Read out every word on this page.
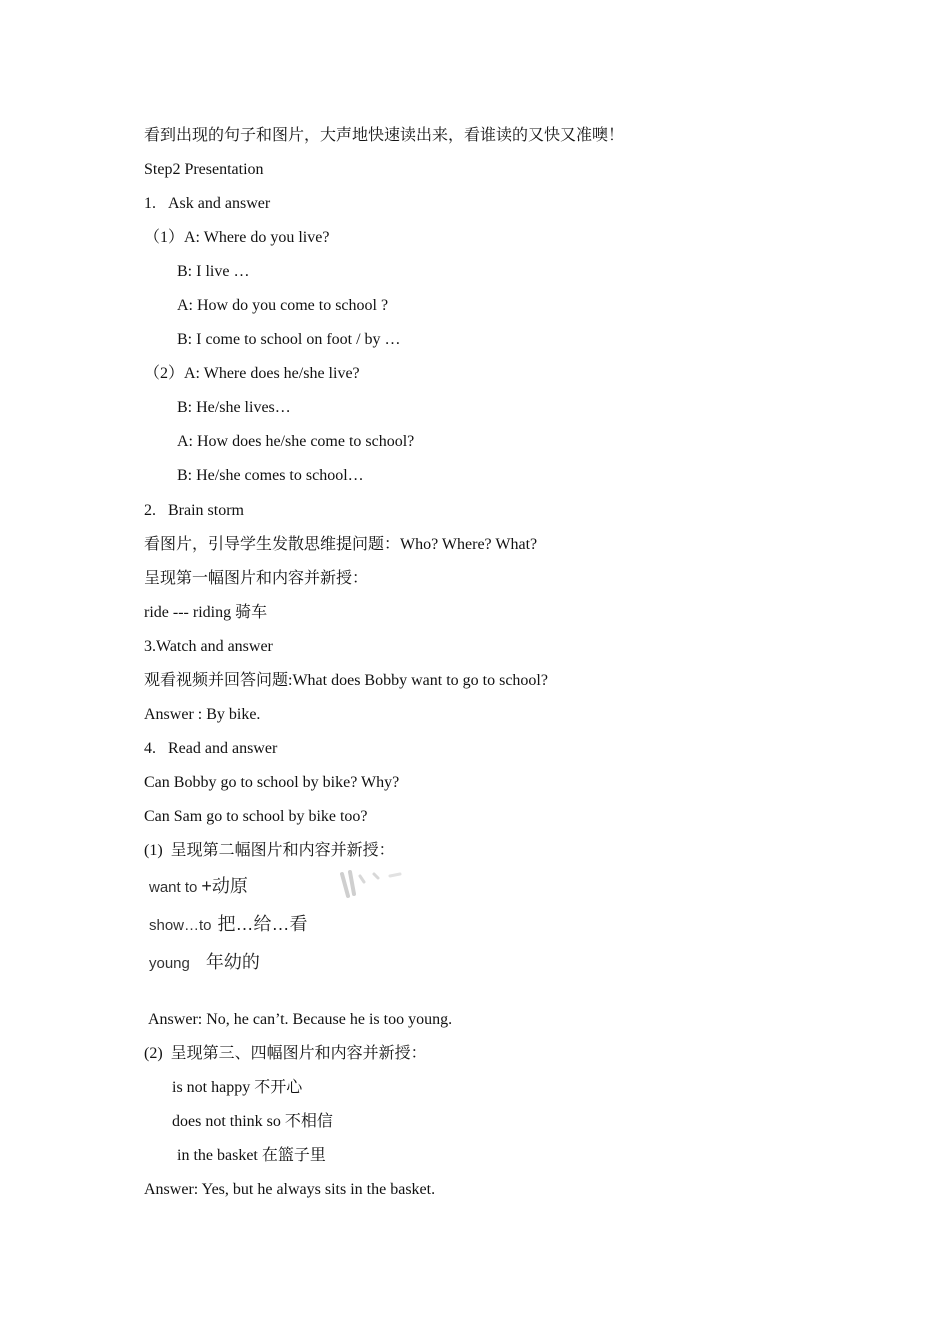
看到出现的句子和图片，大声地快速读出来，看谁读的又快又准噢！
Step2 Presentation
1.   Ask and answer
（1）A: Where do you live?
B: I live …
A: How do you come to school ?
B: I come to school on foot / by …
（2）A: Where does he/she live?
B: He/she lives…
A: How does he/she come to school?
B: He/she comes to school…
2.   Brain storm
看图片，引导学生发散思维提问题：Who? Where? What?
呈现第一幅图片和内容并新授：
ride --- riding 骑车
3.Watch and answer
观看视频并回答问题:What does Bobby want to go to school?
Answer : By bike.
4.   Read and answer
Can Bobby go to school by bike? Why?
Can Sam go to school by bike too?
(1)  呈现第二幅图片和内容并新授：
want to +动原
show…to 把…给…看
young 年幼的
Answer: No, he can’t. Because he is too young.
(2)  呈现第三、四幅图片和内容并新授：
is not happy 不开心
does not think so 不相信
in the basket 在篮子里
Answer: Yes, but he always sits in the basket.
